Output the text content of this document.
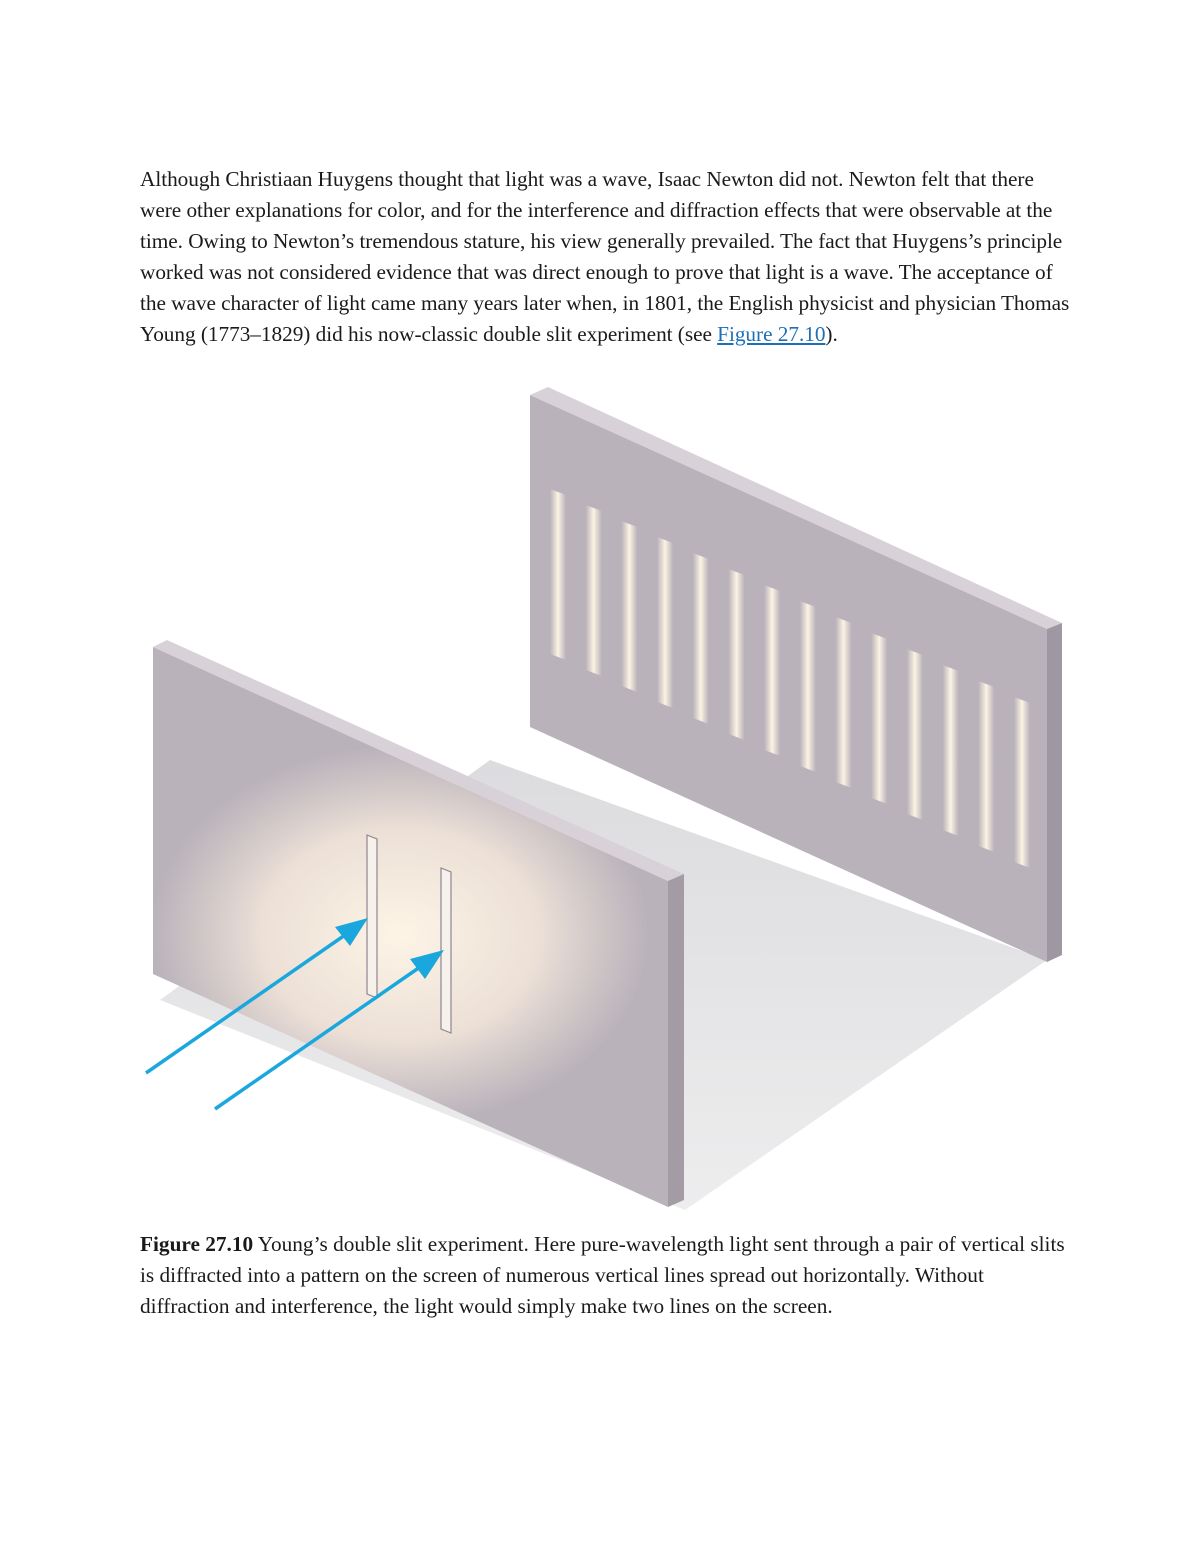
Although Christiaan Huygens thought that light was a wave, Isaac Newton did not. Newton felt that there were other explanations for color, and for the interference and diffraction effects that were observable at the time. Owing to Newton’s tremendous stature, his view generally prevailed. The fact that Huygens’s principle worked was not considered evidence that was direct enough to prove that light is a wave. The acceptance of the wave character of light came many years later when, in 1801, the English physicist and physician Thomas Young (1773–1829) did his now-classic double slit experiment (see Figure 27.10).

Figure 27.10 Young’s double slit experiment. Here pure-wavelength light sent through a pair of vertical slits is diffracted into a pattern on the screen of numerous vertical lines spread out horizontally. Without diffraction and interference, the light would simply make two lines on the screen.
